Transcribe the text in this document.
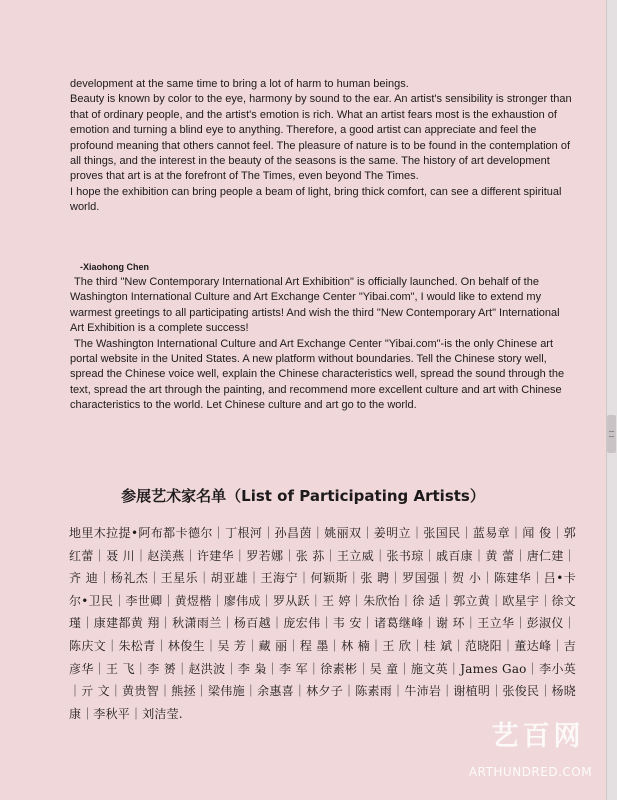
development at the same time to bring a lot of harm to human beings.

Beauty is known by color to the eye, harmony by sound to the ear. An artist's sensibility is stronger than that of ordinary people, and the artist's emotion is rich. What an artist fears most is the exhaustion of emotion and turning a blind eye to anything. Therefore, a good artist can appreciate and feel the profound meaning that others cannot feel. The pleasure of nature is to be found in the contemplation of all things, and the interest in the beauty of the seasons is the same. The history of art development proves that art is at the forefront of The Times, even beyond The Times.

I hope the exhibition can bring people a beam of light, bring thick comfort, can see a different spiritual world.

-Xiaohong Chen

The third "New Contemporary International Art Exhibition" is officially launched. On behalf of the Washington International Culture and Art Exchange Center "Yibai.com", I would like to extend my warmest greetings to all participating artists! And wish the third "New Contemporary Art" International Art Exhibition is a complete success!

The Washington International Culture and Art Exchange Center "Yibai.com"-is the only Chinese art portal website in the United States. A new platform without boundaries. Tell the Chinese story well, spread the Chinese voice well, explain the Chinese characteristics well, spread the sound through the text, spread the art through the painting, and recommend more excellent culture and art with Chinese characteristics to the world. Let Chinese culture and art go to the world.

参展艺术家名单（List of Participating Artists）
地里木拉提•阿布都卡德尔｜丁根河｜孙昌茵｜姚丽双｜姜明立｜张国民｜蓝易章｜闻 俊｜郭红蕾｜聂 川｜赵渼燕｜许建华｜罗若娜｜张 荪｜王立威｜张书琼｜戚百康｜黄 蕾｜唐仁建｜齐 迪｜杨礼杰｜王星乐｜胡亚雄｜王海宁｜何颖斯｜张 聘｜罗国强｜贺 小｜陈建华｜吕•卡尔•卫民｜李世卿｜黄煜楷｜廖伟成｜罗从跃｜王 婷｜朱欣怡｜徐 适｜郭立黄｜欧星宇｜徐文瑾｜康建都黄 翔｜秋潇雨兰｜杨百越｜庞宏伟｜韦 安｜诸葛继峰｜谢 环｜王立华｜彭淑仪｜陈庆文｜朱松青｜林俊生｜吴 芳｜藏 丽｜程 墨｜林 楠｜王 欣｜桂 斌｜范晓阳｜董达峰｜吉彦华｜王 飞｜李 赟｜赵洪波｜李 枭｜李 军｜徐素彬｜吴 童｜施文英｜James Gao｜李小英｜亓 文｜黄贵智｜熊拯｜梁伟施｜余惠喜｜林夕子｜陈素雨｜牛沛岩｜谢植明｜张俊民｜杨晓康｜李秋平｜刘洁莹.
艺百网
ARTHUNDRED.COM
